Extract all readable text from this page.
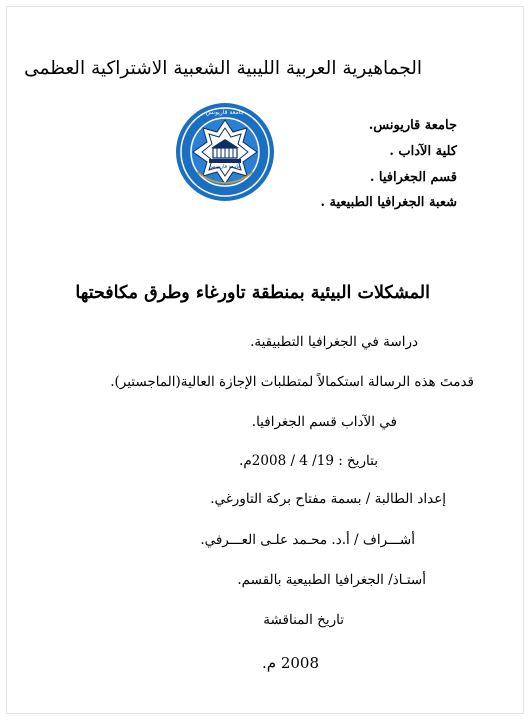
الجماهيرية العربية الليبية الشعبية الاشتراكية العظمى
جامعة قاريونس.
كلية الآداب .
قسم الجغرافيا .
شعبة الجغرافيا الطبيعية .
جامعة قاريونس
جامعة قاريونس
المشكلات البيئية بمنطقة تاورغاء وطرق مكافحتها
دراسة في الجغرافيا التطبيقية.
قدمتَ هذه الرسالة استكمالاً لمتطلبات الإجازة العالية(الماجستير).
في الآداب قسم الجغرافيا.
بتاريخ : 19/ 4 / 2008م.
إعداد الطالبة / بسمة مفتاح بركة التاورغي.
أشـــراف / أ.د. محـمد علـى العـــرفي.
أستـاذ/ الجغرافيا الطبيعية بالقسم.
تاريخ المناقشة
2008 م.
